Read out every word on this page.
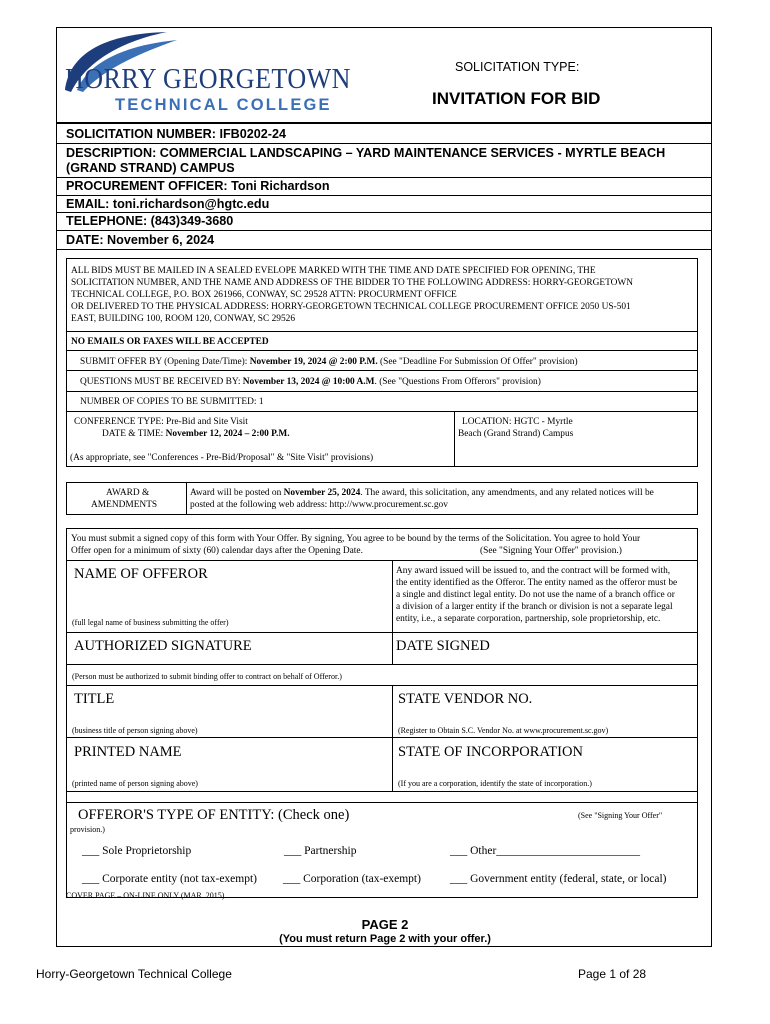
HORRY GEORGETOWN
TECHNICAL COLLEGE
SOLICITATION TYPE:
INVITATION FOR BID
SOLICITATION NUMBER: IFB0202-24
DESCRIPTION: COMMERCIAL LANDSCAPING – YARD MAINTENANCE SERVICES - MYRTLE BEACH
(GRAND STRAND) CAMPUS
PROCUREMENT OFFICER: Toni Richardson
EMAIL: toni.richardson@hgtc.edu
TELEPHONE: (843)349-3680
DATE: November 6, 2024
ALL BIDS MUST BE MAILED IN A SEALED EVELOPE MARKED WITH THE TIME AND DATE SPECIFIED FOR OPENING, THE
SOLICITATION NUMBER, AND THE NAME AND ADDRESS OF THE BIDDER TO THE FOLLOWING ADDRESS: HORRY-GEORGETOWN
TECHNICAL COLLEGE, P.O. BOX 261966, CONWAY, SC 29528 ATTN: PROCURMENT OFFICE
OR DELIVERED TO THE PHYSICAL ADDRESS: HORRY-GEORGETOWN TECHNICAL COLLEGE PROCUREMENT OFFICE 2050 US-501
EAST, BUILDING 100, ROOM 120, CONWAY, SC 29526
NO EMAILS OR FAXES WILL BE ACCEPTED
SUBMIT OFFER BY (Opening Date/Time): November 19, 2024 @ 2:00 P.M. (See "Deadline For Submission Of Offer" provision)
QUESTIONS MUST BE RECEIVED BY: November 13, 2024 @ 10:00 A.M. (See "Questions From Offerors" provision)
NUMBER OF COPIES TO BE SUBMITTED: 1
CONFERENCE TYPE: Pre-Bid and Site Visit
DATE & TIME: November 12, 2024 – 2:00 P.M.
LOCATION: HGTC - Myrtle
Beach (Grand Strand) Campus
(As appropriate, see "Conferences - Pre-Bid/Proposal" & "Site Visit" provisions)
AWARD &
AMENDMENTS
Award will be posted on November 25, 2024. The award, this solicitation, any amendments, and any related notices will be
posted at the following web address: http://www.procurement.sc.gov
You must submit a signed copy of this form with Your Offer. By signing, You agree to be bound by the terms of the Solicitation. You agree to hold Your
Offer open for a minimum of sixty (60) calendar days after the Opening Date.	(See "Signing Your Offer" provision.)
NAME OF OFFEROR
(full legal name of business submitting the offer)
Any award issued will be issued to, and the contract will be formed with,
the entity identified as the Offeror. The entity named as the offeror must be
a single and distinct legal entity. Do not use the name of a branch office or
a division of a larger entity if the branch or division is not a separate legal
entity, i.e., a separate corporation, partnership, sole proprietorship, etc.
AUTHORIZED SIGNATURE	DATE SIGNED
(Person must be authorized to submit binding offer to contract on behalf of Offeror.)
TITLE
(business title of person signing above)
STATE VENDOR NO.
(Register to Obtain S.C. Vendor No. at www.procurement.sc.gov)
PRINTED NAME
(printed name of person signing above)
STATE OF INCORPORATION
(If you are a corporation, identify the state of incorporation.)
OFFEROR'S TYPE OF ENTITY: (Check one)	(See "Signing Your Offer"
provision.)
___ Sole Proprietorship	___ Partnership	___ Other_________________________
___ Corporate entity (not tax-exempt) ___ Corporation (tax-exempt)	___ Government entity (federal, state, or local)
COVER PAGE – ON-LINE ONLY (MAR. 2015)
PAGE 2
(You must return Page 2 with your offer.)
Horry-Georgetown Technical College	Page 1 of 28
